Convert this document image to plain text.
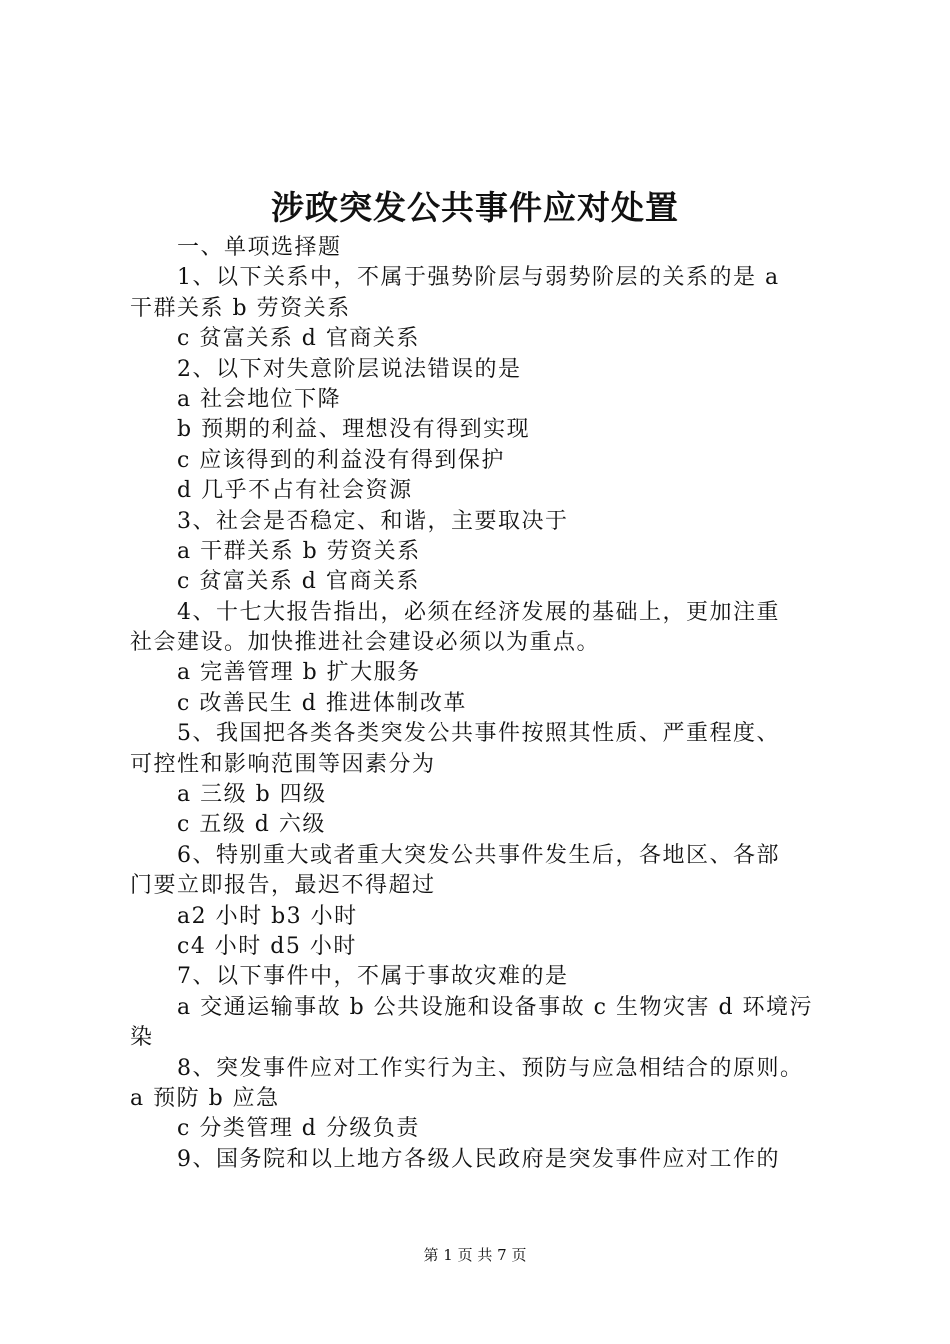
涉政突发公共事件应对处置

一、单项选择题

1、以下关系中，不属于强势阶层与弱势阶层的关系的是 a

干群关系 b 劳资关系

c 贫富关系 d 官商关系

2、以下对失意阶层说法错误的是

a 社会地位下降

b 预期的利益、理想没有得到实现

c 应该得到的利益没有得到保护

d 几乎不占有社会资源

3、社会是否稳定、和谐，主要取决于

a 干群关系 b 劳资关系

c 贫富关系 d 官商关系

4、十七大报告指出，必须在经济发展的基础上，更加注重

社会建设。加快推进社会建设必须以为重点。

a 完善管理 b 扩大服务

c 改善民生 d 推进体制改革

5、我国把各类各类突发公共事件按照其性质、严重程度、

可控性和影响范围等因素分为

a 三级 b 四级

c 五级 d 六级

6、特别重大或者重大突发公共事件发生后，各地区、各部

门要立即报告，最迟不得超过

a2 小时 b3 小时

c4 小时 d5 小时

7、以下事件中，不属于事故灾难的是

a 交通运输事故 b 公共设施和设备事故 c 生物灾害 d 环境污

染

8、突发事件应对工作实行为主、预防与应急相结合的原则。

a 预防 b 应急

c 分类管理 d 分级负责

9、国务院和以上地方各级人民政府是突发事件应对工作的

第 1 页 共 7 页
